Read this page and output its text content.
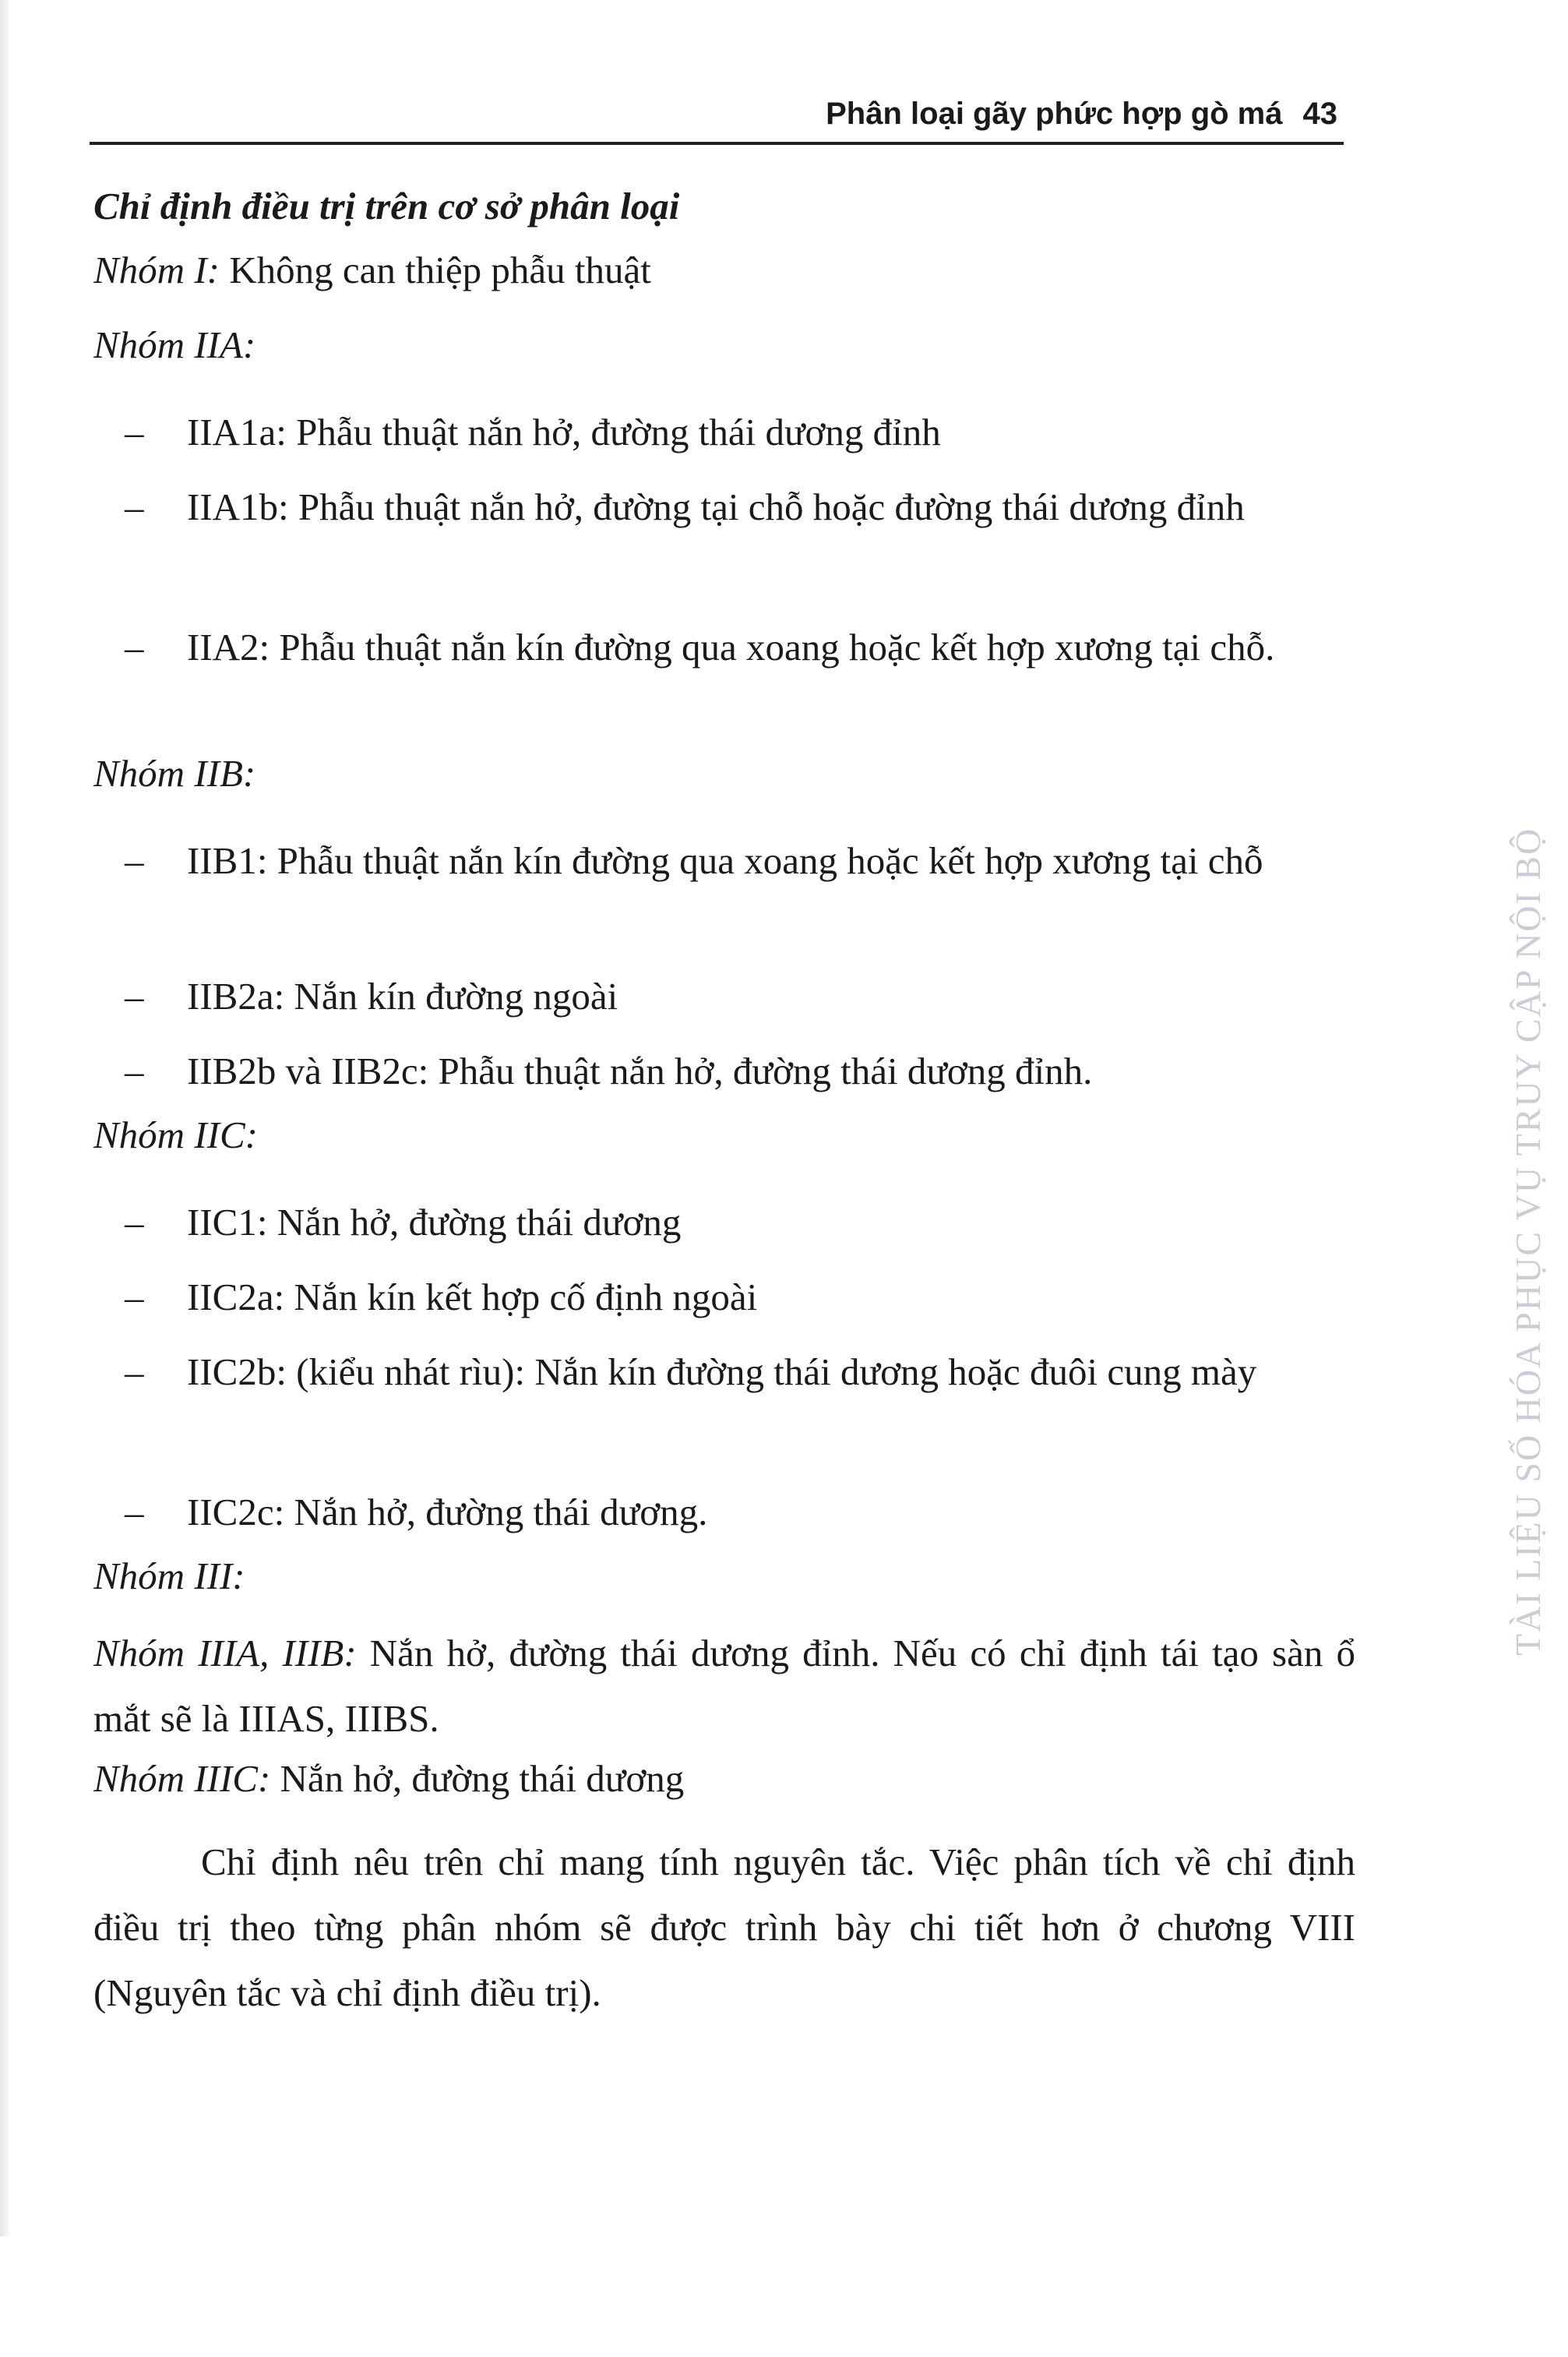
Phân loại gãy phức hợp gò má 43
Chỉ định điều trị trên cơ sở phân loại
Nhóm I: Không can thiệp phẫu thuật
Nhóm IIA:
– IIA1a: Phẫu thuật nắn hở, đường thái dương đỉnh
– IIA1b: Phẫu thuật nắn hở, đường tại chỗ hoặc đường thái dương đỉnh
– IIA2: Phẫu thuật nắn kín đường qua xoang hoặc kết hợp xương tại chỗ.
Nhóm IIB:
– IIB1: Phẫu thuật nắn kín đường qua xoang hoặc kết hợp xương tại chỗ
– IIB2a: Nắn kín đường ngoài
– IIB2b và IIB2c: Phẫu thuật nắn hở, đường thái dương đỉnh.
Nhóm IIC:
– IIC1: Nắn hở, đường thái dương
– IIC2a: Nắn kín kết hợp cố định ngoài
– IIC2b: (kiểu nhát rìu): Nắn kín đường thái dương hoặc đuôi cung mày
– IIC2c: Nắn hở, đường thái dương.
Nhóm III:
Nhóm IIIA, IIIB: Nắn hở, đường thái dương đỉnh. Nếu có chỉ định tái tạo sàn ổ mắt sẽ là IIIAS, IIIBS.
Nhóm IIIC: Nắn hở, đường thái dương
Chỉ định nêu trên chỉ mang tính nguyên tắc. Việc phân tích về chỉ định điều trị theo từng phân nhóm sẽ được trình bày chi tiết hơn ở chương VIII (Nguyên tắc và chỉ định điều trị).
TÀI LIỆU SỐ HÓA PHỤC VỤ TRUY CẬP NỘI BỘ
